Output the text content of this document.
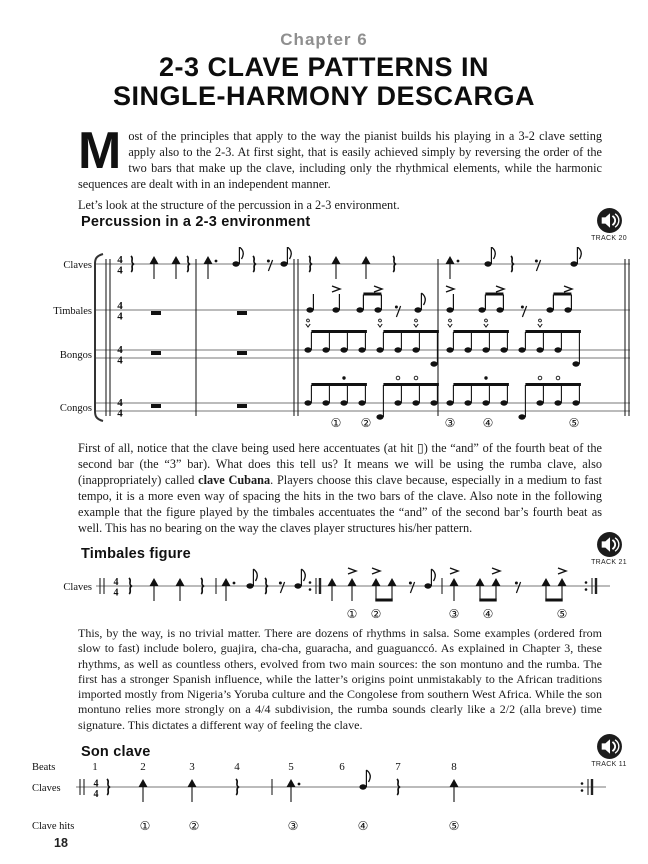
Chapter 6
2-3 CLAVE PATTERNS IN
SINGLE-HARMONY DESCARGA

Most of the principles that apply to the way the pianist builds his playing in a 3-2 clave setting apply also to the 2-3. At first sight, that is easily achieved simply by reversing the order of the two bars that make up the clave, including only the rhythmical elements, while the harmonic sequences are dealt with in an independent manner.

Let’s look at the structure of the percussion in a 2-3 environment.

Percussion in a 2-3 environment
TRACK 20
Claves
Timbales
Bongos
Congos
4
4
4
4
4
4
4
4
① ②	③ ④	⑤

First of all, notice that the clave being used here accentuates (at hit ▯) the “and” of the fourth beat of the second bar (the “3” bar). What does this tell us? It means we will be using the rumba clave, also (inappropriately) called clave Cubana. Players choose this clave because, especially in a medium to fast tempo, it is a more even way of spacing the hits in the two bars of the clave. Also note in the following example that the figure played by the timbales accentuates the “and” of the second bar’s fourth beat as well. This has no bearing on the way the claves player structures his/her pattern.

Timbales figure
TRACK 21
Claves 4
4
① ②	③ ④	⑤

This, by the way, is no trivial matter. There are dozens of rhythms in salsa. Some examples (ordered from slow to fast) include bolero, guajira, cha-cha, guaracha, and guaguanccó. As explained in Chapter 3, these rhythms, as well as countless others, evolved from two main sources: the son montuno and the rumba. The first has a stronger Spanish influence, while the latter’s origins point unmistakably to the African traditions imported mostly from Nigeria’s Yoruba culture and the Congolese from southern West Africa. While the son montuno relies more strongly on a 4/4 subdivision, the rumba sounds clearly like a 2/2 (alla breve) time signature. This dictates a different way of feeling the clave.

Son clave
TRACK 11
Beats	1	2	3	4	5	6	7	8
Claves	4
4
Clave hits	①	②	③	④	⑤
18
